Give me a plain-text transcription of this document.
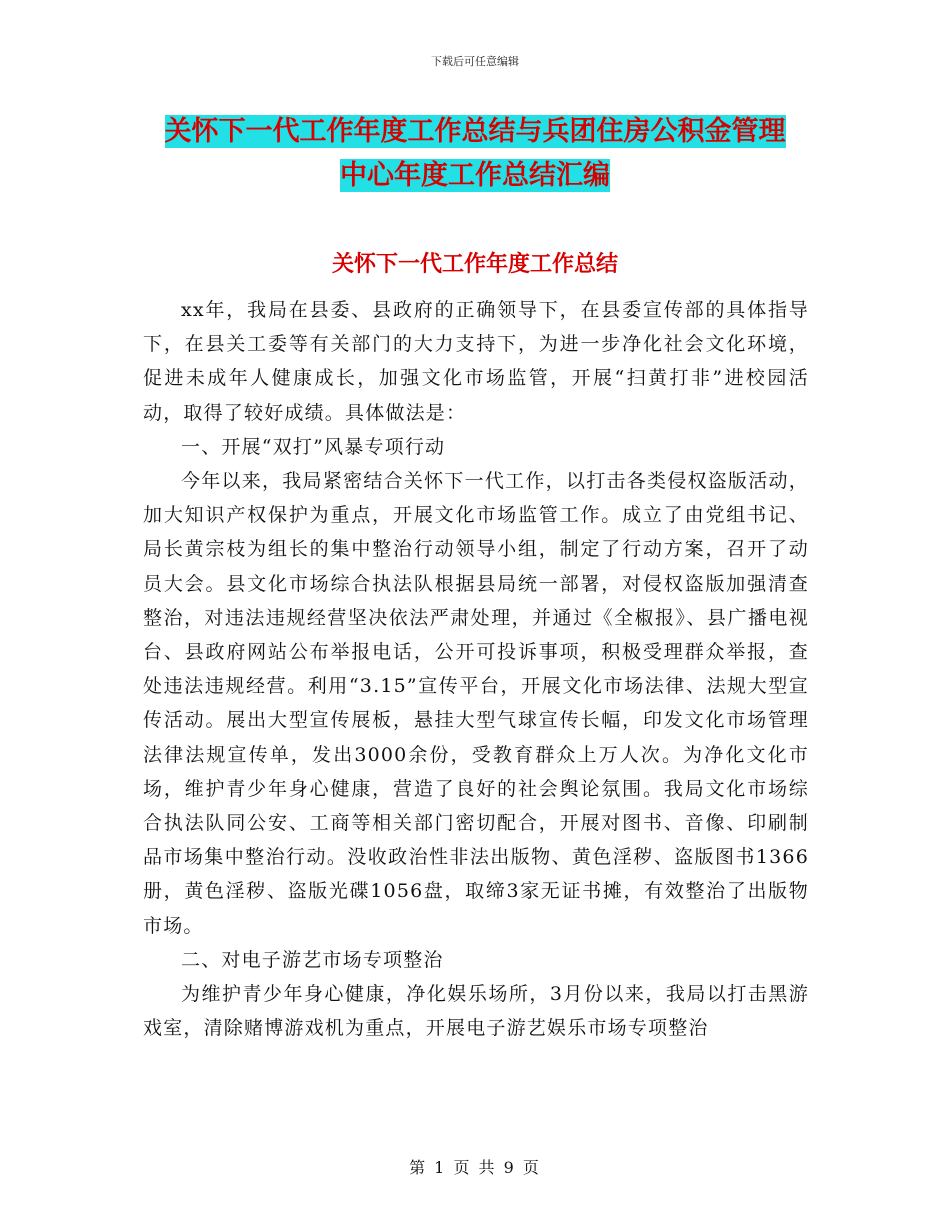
下载后可任意编辑
关怀下一代工作年度工作总结与兵团住房公积金管理
中心年度工作总结汇编
关怀下一代工作年度工作总结

xx年，我局在县委、县政府的正确领导下，在县委宣传部的具体指导下，在县关工委等有关部门的大力支持下，为进一步净化社会文化环境，促进未成年人健康成长，加强文化市场监管，开展“扫黄打非”进校园活动，取得了较好成绩。具体做法是：

一、开展“双打”风暴专项行动

今年以来，我局紧密结合关怀下一代工作，以打击各类侵权盗版活动，加大知识产权保护为重点，开展文化市场监管工作。成立了由党组书记、局长黄宗枝为组长的集中整治行动领导小组，制定了行动方案，召开了动员大会。县文化市场综合执法队根据县局统一部署，对侵权盗版加强清查整治，对违法违规经营坚决依法严肃处理，并通过《全椒报》、县广播电视台、县政府网站公布举报电话，公开可投诉事项，积极受理群众举报，查处违法违规经营。利用“3.15”宣传平台，开展文化市场法律、法规大型宣传活动。展出大型宣传展板，悬挂大型气球宣传长幅，印发文化市场管理法律法规宣传单，发出3000余份，受教育群众上万人次。为净化文化市场，维护青少年身心健康，营造了良好的社会舆论氛围。我局文化市场综合执法队同公安、工商等相关部门密切配合，开展对图书、音像、印刷制品市场集中整治行动。没收政治性非法出版物、黄色淫秽、盗版图书1366册，黄色淫秽、盗版光碟1056盘，取缔3家无证书摊，有效整治了出版物市场。

二、对电子游艺市场专项整治

为维护青少年身心健康，净化娱乐场所，3月份以来，我局以打击黑游戏室，清除赌博游戏机为重点，开展电子游艺娱乐市场专项整治

第 1 页 共 9 页
